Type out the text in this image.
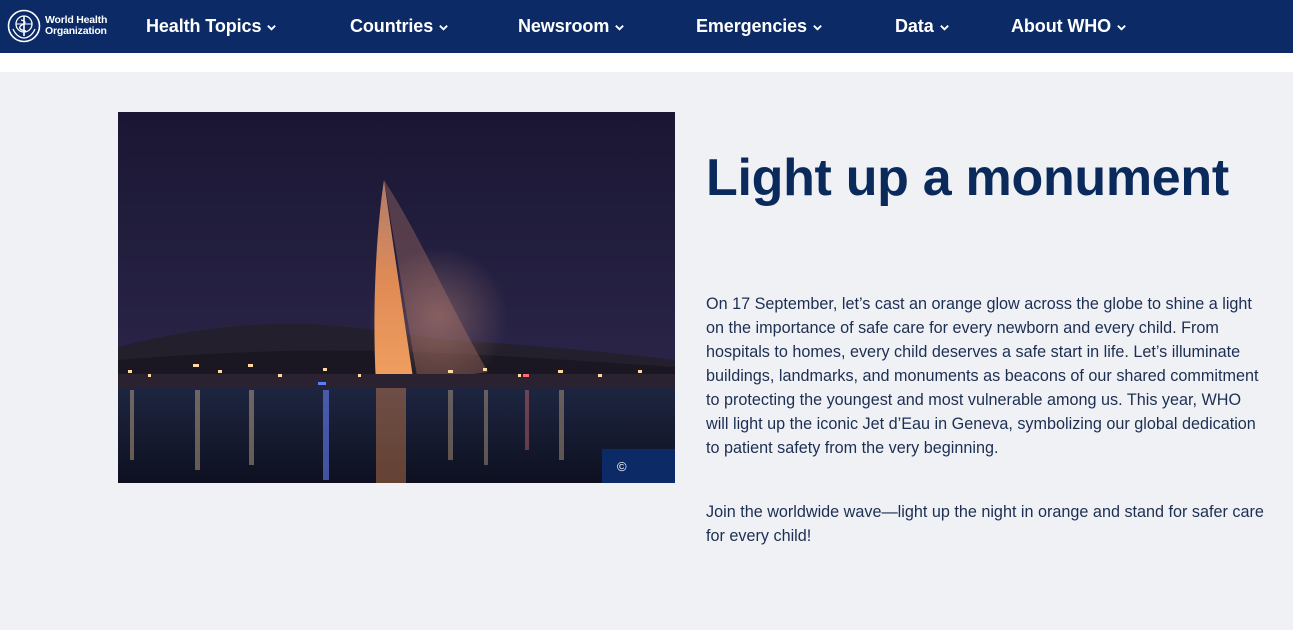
World Health
Organization Health Topics	Countries	Newsroom	Emergencies	Data	About WHO
©
Light up a monument

On 17 September, let’s cast an orange glow across the globe to shine a light on the importance of safe care for every newborn and every child. From hospitals to homes, every child deserves a safe start in life. Let’s illuminate buildings, landmarks, and monuments as beacons of our shared commitment to protecting the youngest and most vulnerable among us. This year, WHO will light up the iconic Jet d’Eau in Geneva, symbolizing our global dedication to patient safety from the very beginning.

Join the worldwide wave—light up the night in orange and stand for safer care for every child!
